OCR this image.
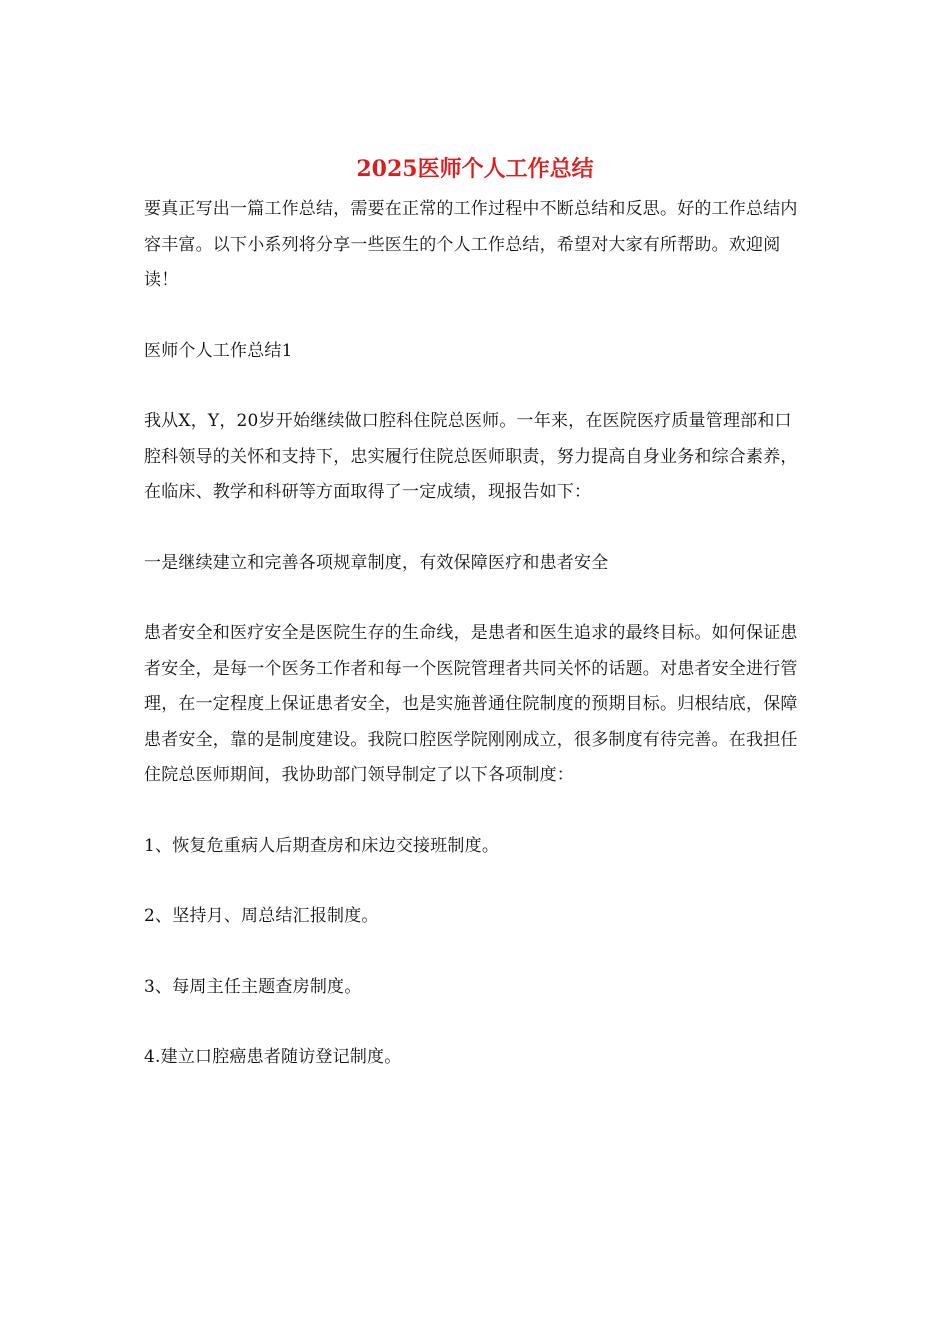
2025医师个人工作总结

要真正写出一篇工作总结，需要在正常的工作过程中不断总结和反思。好的工作总结内容丰富。以下小系列将分享一些医生的个人工作总结，希望对大家有所帮助。欢迎阅读！

医师个人工作总结1

我从X，Y，20岁开始继续做口腔科住院总医师。一年来，在医院医疗质量管理部和口腔科领导的关怀和支持下，忠实履行住院总医师职责，努力提高自身业务和综合素养，在临床、教学和科研等方面取得了一定成绩，现报告如下：

一是继续建立和完善各项规章制度，有效保障医疗和患者安全

患者安全和医疗安全是医院生存的生命线，是患者和医生追求的最终目标。如何保证患者安全，是每一个医务工作者和每一个医院管理者共同关怀的话题。对患者安全进行管理，在一定程度上保证患者安全，也是实施普通住院制度的预期目标。归根结底，保障患者安全，靠的是制度建设。我院口腔医学院刚刚成立，很多制度有待完善。在我担任住院总医师期间，我协助部门领导制定了以下各项制度：

1、恢复危重病人后期查房和床边交接班制度。

2、坚持月、周总结汇报制度。

3、每周主任主题查房制度。

4.建立口腔癌患者随访登记制度。
